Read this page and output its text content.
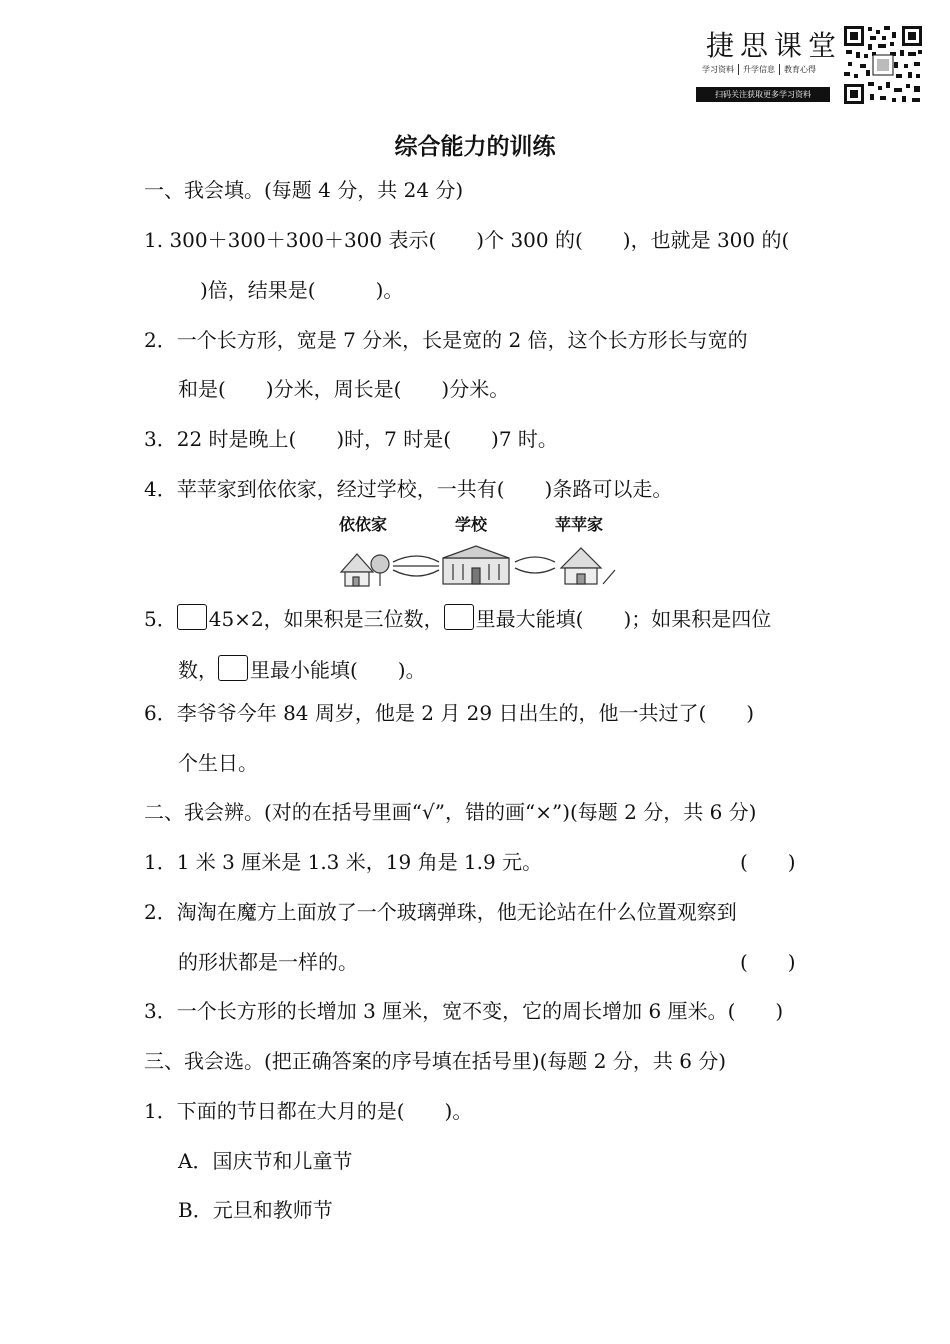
捷思课堂
学习资料	升学信息	教育心得
扫码关注获取更多学习资料
综合能力的训练
一、我会填。(每题 4 分，共 24 分)
1. 300＋300＋300＋300 表示(　　)个 300 的(　　)，也就是 300 的(
)倍，结果是(　　　)。
2．一个长方形，宽是 7 分米，长是宽的 2 倍，这个长方形长与宽的
和是(　　)分米，周长是(　　)分米。
3．22 时是晚上(　　)时，7 时是(　　)7 时。
4．苹苹家到依依家，经过学校，一共有(　　)条路可以走。
依依家	学校	苹苹家
5． 45×2，如果积是三位数， 里最大能填(　　)；如果积是四位
数， 里最小能填(　　)。
6．李爷爷今年 84 周岁，他是 2 月 29 日出生的，他一共过了(　　)
个生日。
二、我会辨。(对的在括号里画“√”，错的画“×”)(每题 2 分，共 6 分)
1．1 米 3 厘米是 1.3 米，19 角是 1.9 元。	(　　)
2．淘淘在魔方上面放了一个玻璃弹珠，他无论站在什么位置观察到
的形状都是一样的。	(　　)
3．一个长方形的长增加 3 厘米，宽不变，它的周长增加 6 厘米。(　　)
三、我会选。(把正确答案的序号填在括号里)(每题 2 分，共 6 分)
1．下面的节日都在大月的是(　　)。
A．国庆节和儿童节
B．元旦和教师节
